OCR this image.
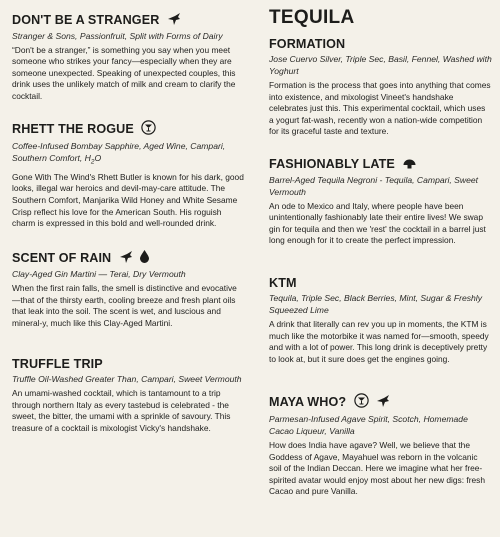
DON'T BE A STRANGER
Stranger & Sons, Passionfruit, Split with Forms of Dairy
“Don't be a stranger,” is something you say when you meet someone who strikes your fancy—especially when they are someone unexpected. Speaking of unexpected couples, this drink uses the unlikely match of milk and cream to clarify the cocktail.
RHETT THE ROGUE
Coffee-Infused Bombay Sapphire, Aged Wine, Campari, Southern Comfort, $H_2O$
Gone With The Wind's Rhett Butler is known for his dark, good looks, illegal war heroics and devil-may-care attitude. The Southern Comfort, Manjarika Wild Honey and White Sesame Crisp reflect his love for the American South. His roguish charm is expressed in this bold and well-rounded drink.
SCENT OF RAIN
Clay-Aged Gin Martini — Terai, Dry Vermouth
When the first rain falls, the smell is distinctive and evocative—that of the thirsty earth, cooling breeze and fresh plant oils that leak into the soil. The scent is wet, and luscious and mineral-y, much like this Clay-Aged Martini.
TRUFFLE TRIP
Truffle Oil-Washed Greater Than, Campari, Sweet Vermouth
An umami-washed cocktail, which is tantamount to a trip through northern Italy as every tastebud is celebrated - the sweet, the bitter, the umami with a sprinkle of savoury. This treasure of a cocktail is mixologist Vicky's handshake.
TEQUILA
FORMATION
Jose Cuervo Silver, Triple Sec, Basil, Fennel, Washed with Yoghurt
Formation is the process that goes into anything that comes into existence, and mixologist Vineet's handshake celebrates just this. This experimental cocktail, which uses a yogurt fat-wash, recently won a nation-wide competition for its graceful taste and texture.
FASHIONABLY LATE
Barrel-Aged Tequila Negroni - Tequila, Campari, Sweet Vermouth
An ode to Mexico and Italy, where people have been unintentionally fashionably late their entire lives! We swap gin for tequila and then we 'rest' the cocktail in a barrel just long enough for it to create the perfect impression.
KTM
Tequila, Triple Sec, Black Berries, Mint, Sugar & Freshly Squeezed Lime
A drink that literally can rev you up in moments, the KTM is much like the motorbike it was named for—smooth, speedy and with a lot of power. This long drink is deceptively pretty to look at, but it sure does get the engines going.
MAYA WHO?
Parmesan-Infused Agave Spirit, Scotch, Homemade Cacao Liqueur, Vanilla
How does India have agave? Well, we believe that the Goddess of Agave, Mayahuel was reborn in the volcanic soil of the Indian Deccan. Here we imagine what her free-spirited avatar would enjoy most about her new digs: fresh Cacao and pure Vanilla.
